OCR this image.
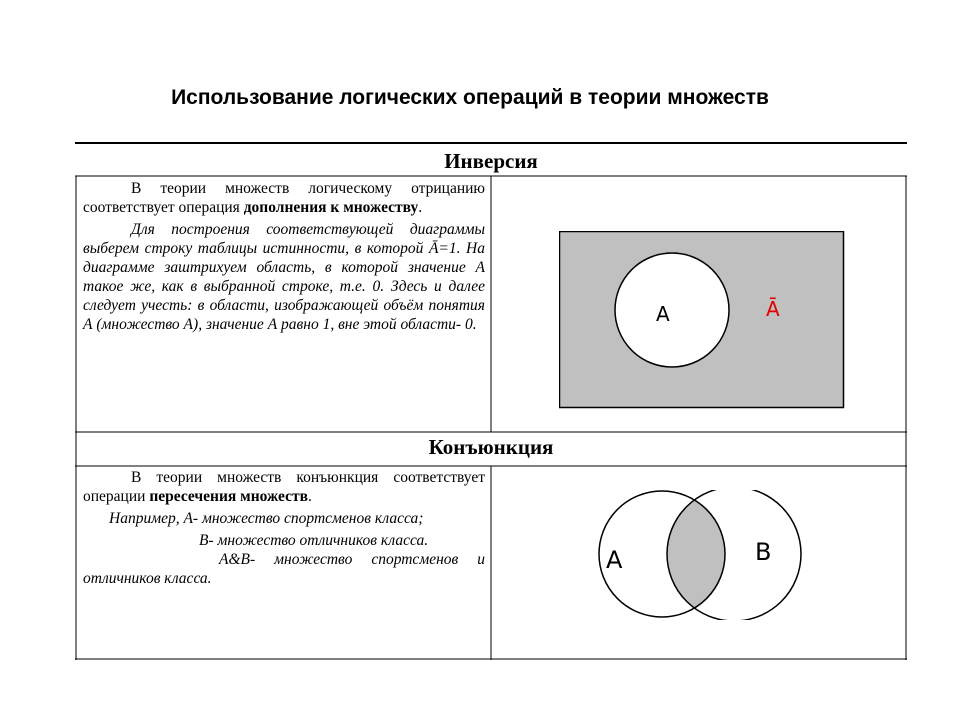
Использование логических операций в теории множеств
Инверсия

В теории множеств логическому отрицанию соответствует операция дополнения к множеству.

Для построения соответствующей диаграммы выберем строку таблицы истинности, в которой Ā=1. На диаграмме заштрихуем область, в которой значение А такое же, как в выбранной строке, т.е. 0. Здесь и далее следует учесть: в области, изображающей объём понятия А (множество А), значение А равно 1, вне этой области- 0.	А	Ā
Конъюнкция

В теории множеств конъюнкция соответствует операции пересечения множеств.

Например, А- множество спортсменов класса;

В- множество отличников класса.

А&В- множество спортсменов и отличников класса.

А	В
